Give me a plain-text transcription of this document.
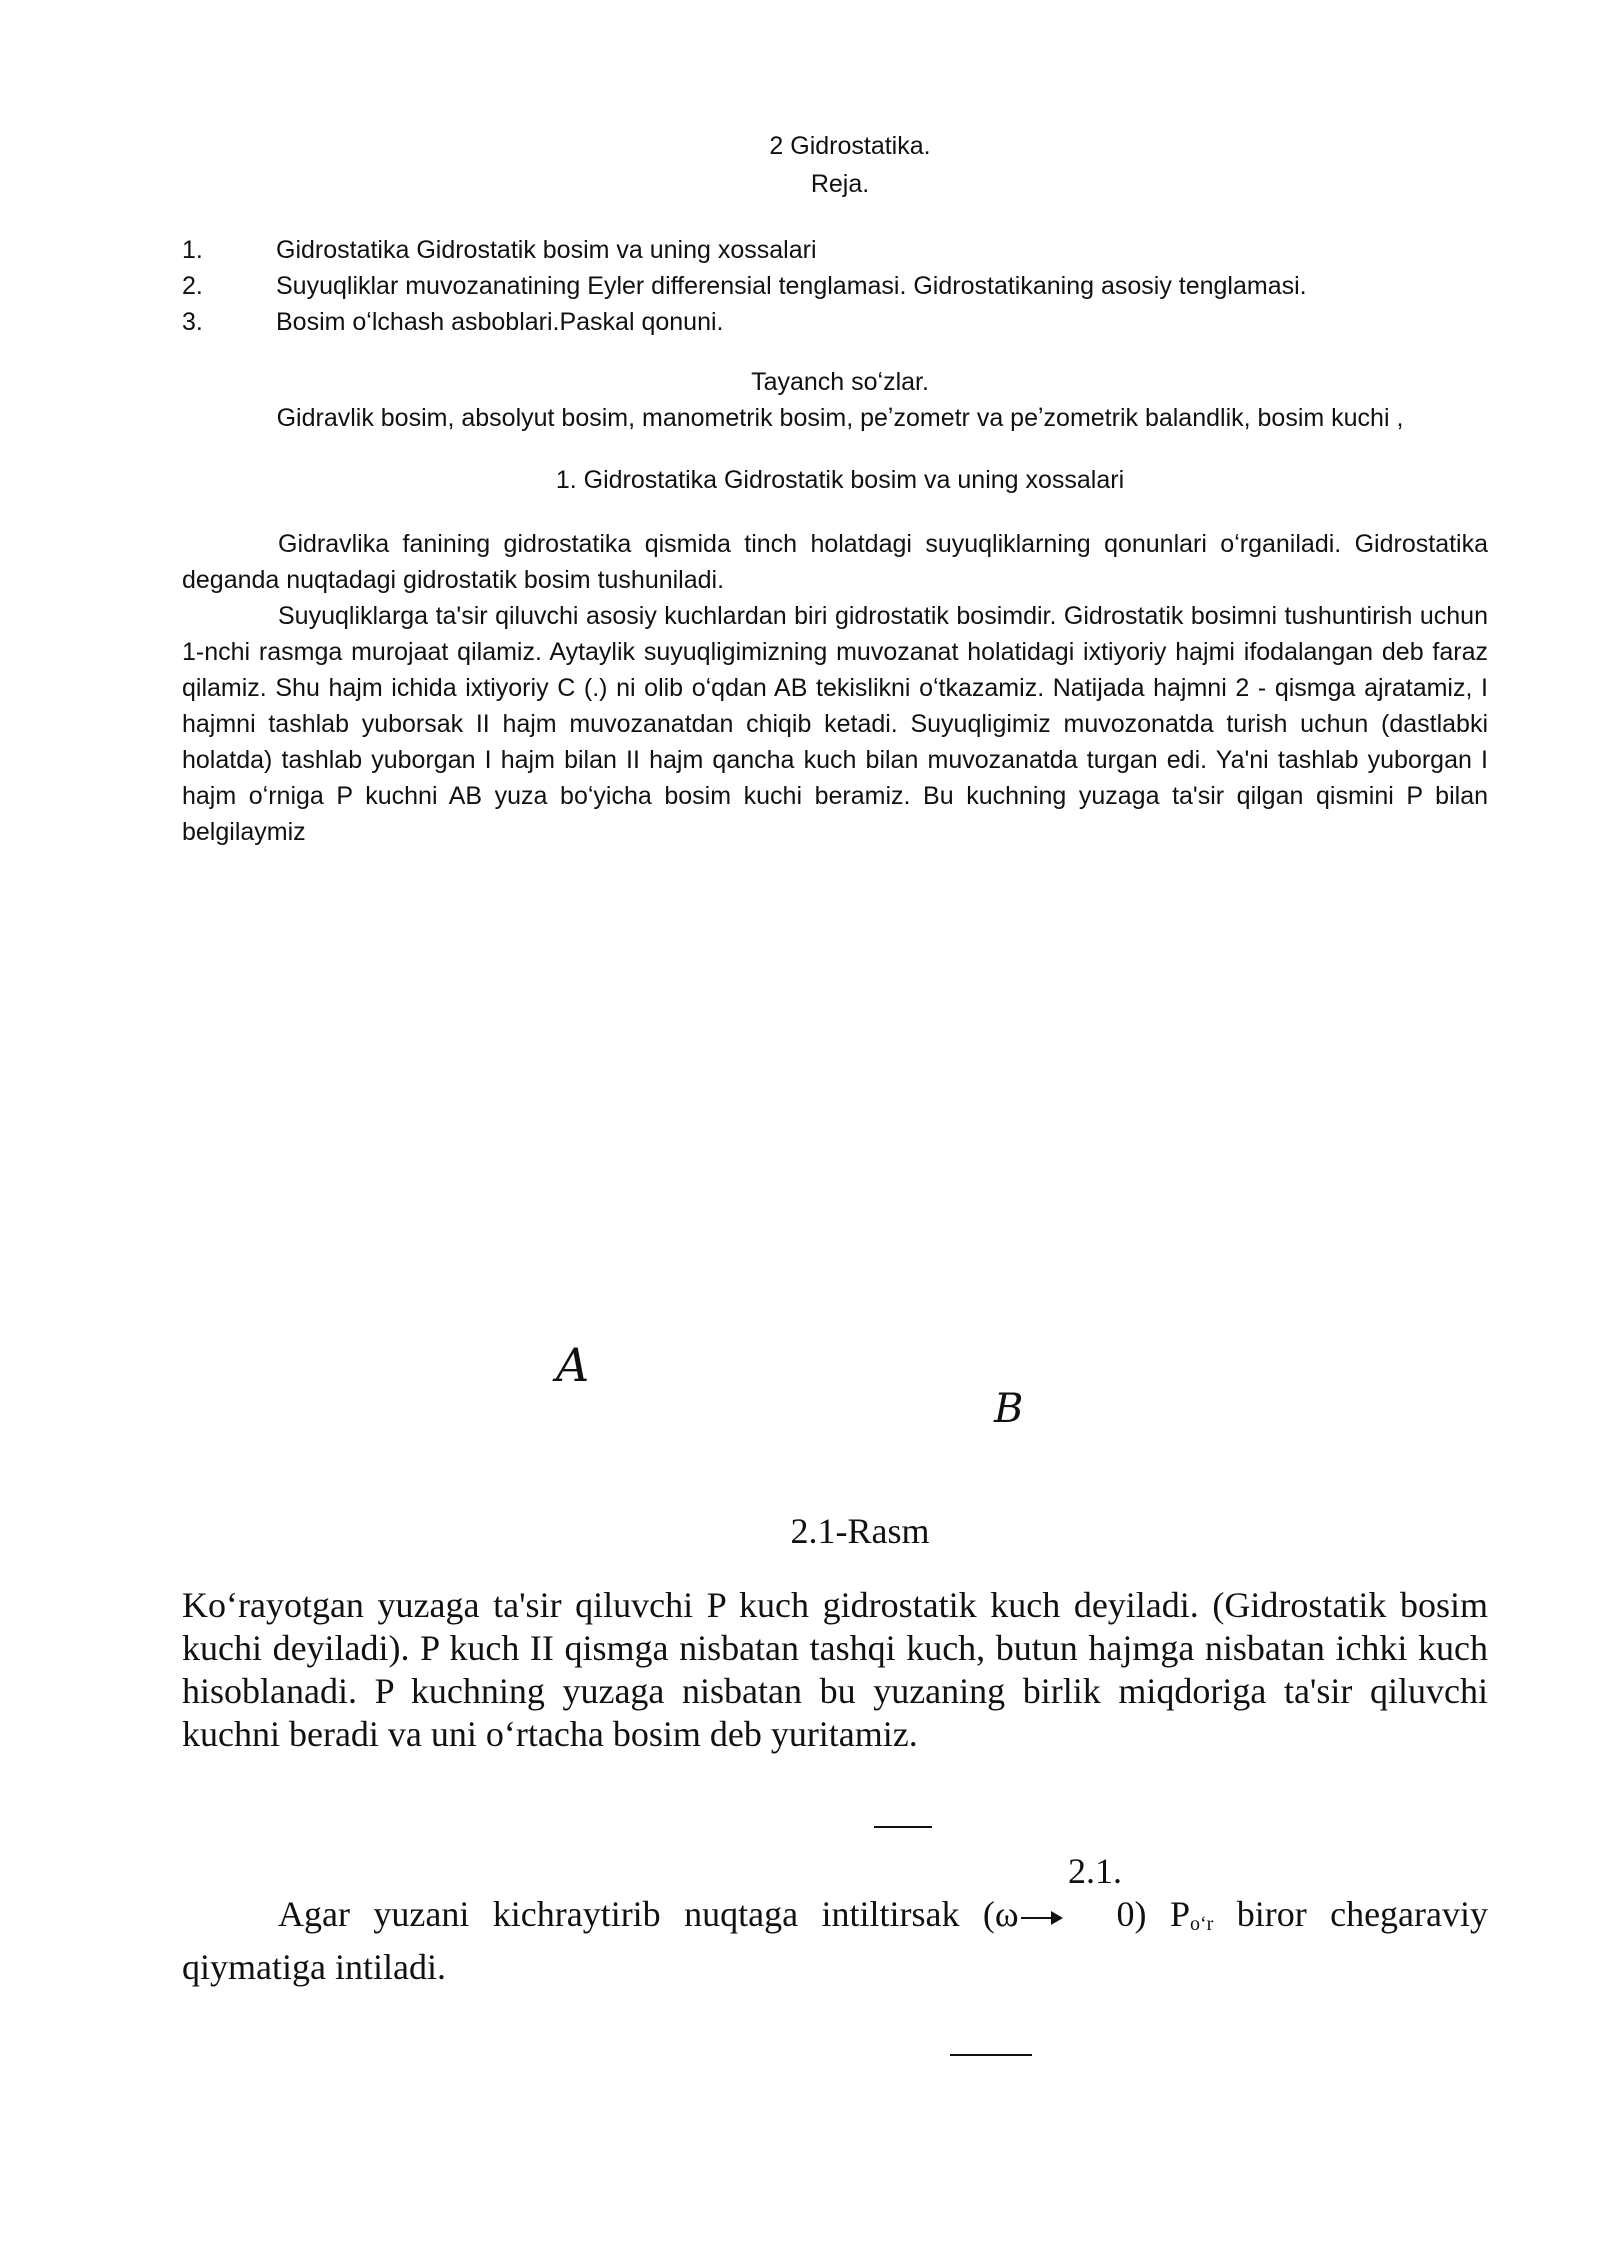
2 Gidrostatika.
Reja.
1.	Gidrostatika Gidrostatik bosim va uning xossalari
2.	Suyuqliklar muvozanatining Eyler differensial tenglamasi. Gidrostatikaning asosiy tenglamasi.
3.	Bosim oʻlchash asboblari.Paskal qonuni.
Tayanch soʻzlar.
Gidravlik bosim, absolyut bosim, manometrik bosim, peʼzometr va peʼzometrik balandlik, bosim kuchi ,
1. Gidrostatika Gidrostatik bosim va uning xossalari

Gidravlika fanining gidrostatika qismida tinch holatdagi suyuqliklarning qonunlari oʻrganiladi. Gidrostatika deganda nuqtadagi gidrostatik bosim tushuniladi.

Suyuqliklarga ta'sir qiluvchi asosiy kuchlardan biri gidrostatik bosimdir. Gidrostatik bosimni tushuntirish uchun 1-nchi rasmga murojaat qilamiz. Aytaylik suyuqligimizning muvozanat holatidagi ixtiyoriy hajmi ifodalangan deb faraz qilamiz. Shu hajm ichida ixtiyoriy C (.) ni olib oʻqdan AB tekislikni oʻtkazamiz. Natijada hajmni 2 - qismga ajratamiz, I hajmni tashlab yuborsak II hajm muvozanatdan chiqib ketadi. Suyuqligimiz muvozonatda turish uchun (dastlabki holatda) tashlab yuborgan I hajm bilan II hajm qancha kuch bilan muvozanatda turgan edi. Ya'ni tashlab yuborgan I hajm oʻrniga P kuchni AB yuza boʻyicha bosim kuchi beramiz. Bu kuchning yuzaga ta'sir qilgan qismini P bilan belgilaymiz

A
B
2.1-Rasm

Koʻrayotgan yuzaga ta'sir qiluvchi P kuch gidrostatik kuch deyiladi. (Gidrostatik bosim kuchi deyiladi). P kuch II qismga nisbatan tashqi kuch, butun hajmga nisbatan ichki kuch hisoblanadi. P kuchning yuzaga nisbatan bu yuzaning birlik miqdoriga ta'sir qiluvchi kuchni beradi va uni oʻrtacha bosim deb yuritamiz.

2.1.

Agar yuzani kichraytirib nuqtaga intiltirsak (ω	0) $P_{oʻr}$ biror chegaraviy qiymatiga intiladi.
